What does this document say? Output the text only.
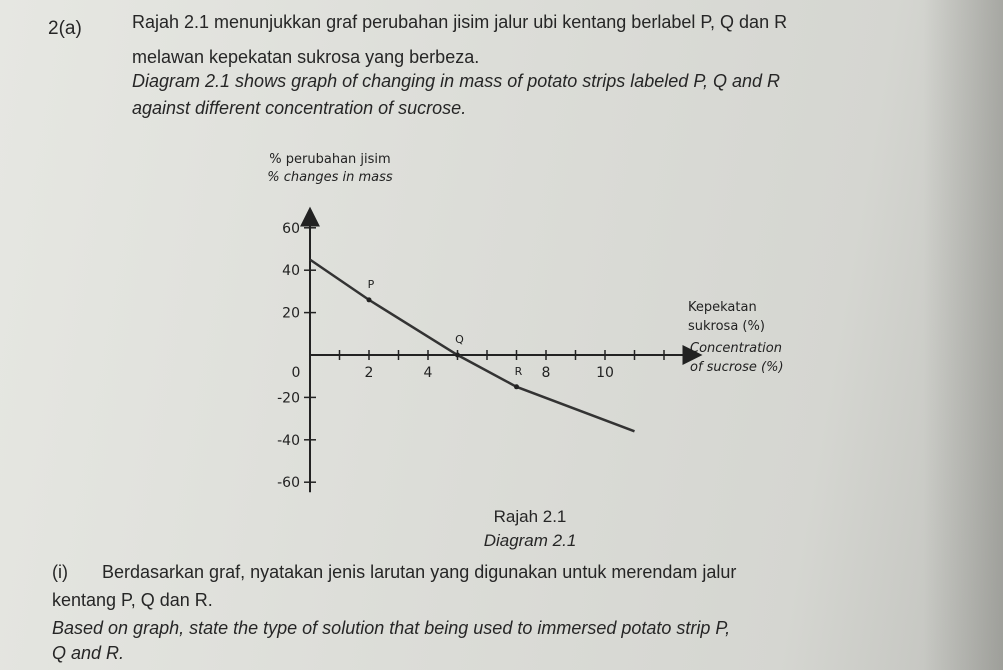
2(a)	Rajah 2.1 menunjukkan graf perubahan jisim jalur ubi kentang berlabel P, Q dan R
melawan kepekatan sukrosa yang berbeza.
Diagram 2.1 shows graph of changing in mass of potato strips labeled P, Q and R
against different concentration of sucrose.
0	2	4	8	10
60
40
20
-20
-40
-60
P
Q
R
% perubahan jisim
% changes in mass
Kepekatan
sukrosa (%)
Concentration
of sucrose (%)
Rajah 2.1
Diagram 2.1
(i) Berdasarkan graf, nyatakan jenis larutan yang digunakan untuk merendam jalur
kentang P, Q dan R.
Based on graph, state the type of solution that being used to immersed potato strip P,
Q and R.
